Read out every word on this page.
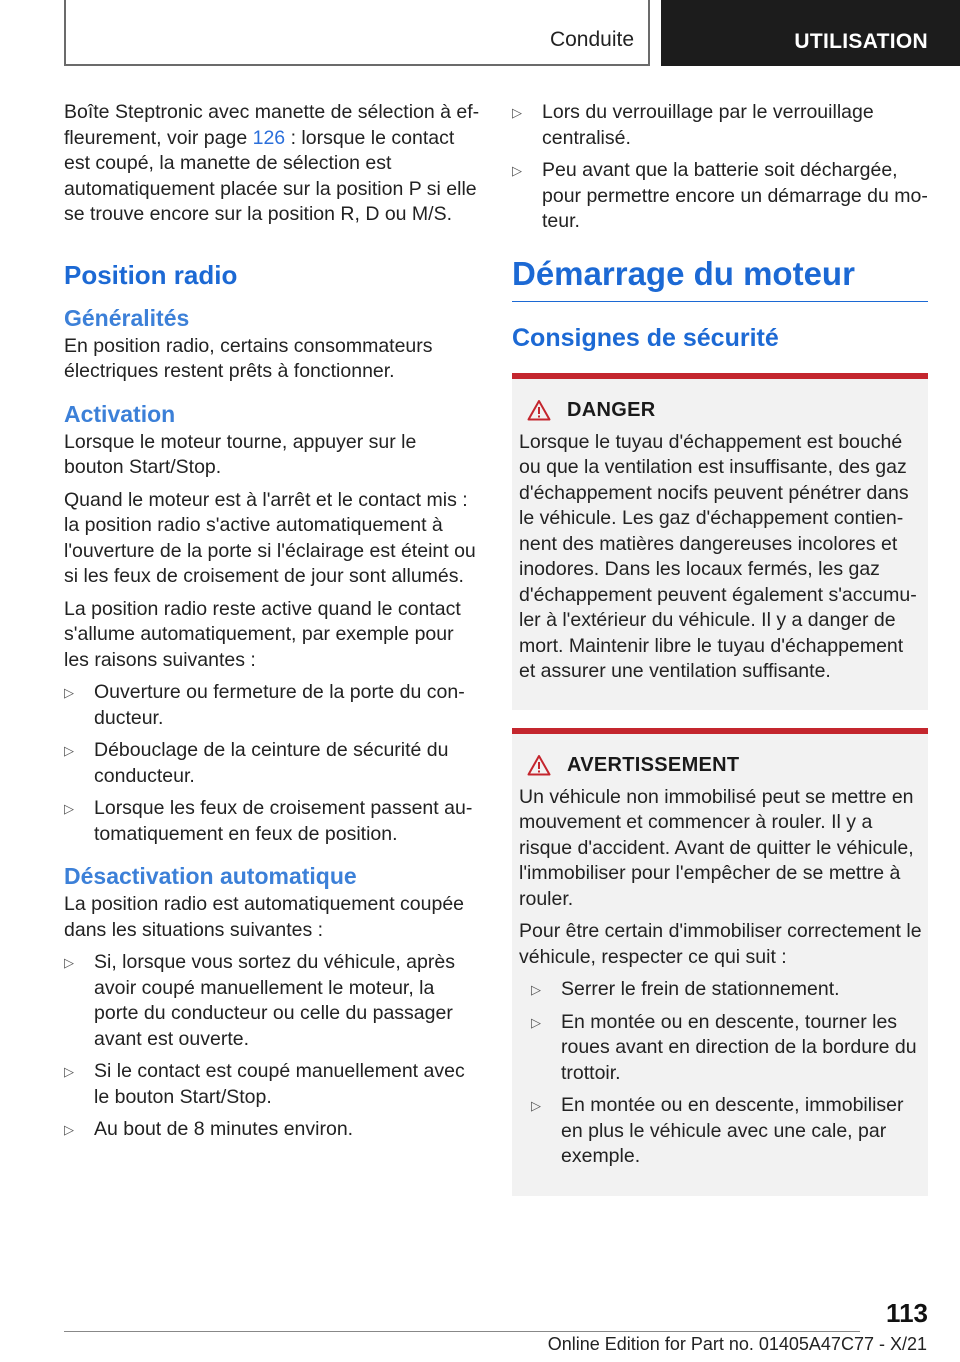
Conduite	UTILISATION

Boîte Steptronic avec manette de sélection à effleurement, voir page 126 : lorsque le contact est coupé, la manette de sélection est automatiquement placée sur la position P si elle se trouve encore sur la position R, D ou M/S.

Position radio
Généralités

En position radio, certains consommateurs électriques restent prêts à fonctionner.

Activation

Lorsque le moteur tourne, appuyer sur le bouton Start/Stop.

Quand le moteur est à l'arrêt et le contact mis : la position radio s'active automatiquement à l'ouverture de la porte si l'éclairage est éteint ou si les feux de croisement de jour sont allumés.

La position radio reste active quand le contact s'allume automatiquement, par exemple pour les raisons suivantes :

▷ Ouverture ou fermeture de la porte du conducteur.
▷ Débouclage de la ceinture de sécurité du conducteur.
▷ Lorsque les feux de croisement passent automatiquement en feux de position.
Désactivation automatique

La position radio est automatiquement coupée dans les situations suivantes :

▷ Si, lorsque vous sortez du véhicule, après avoir coupé manuellement le moteur, la porte du conducteur ou celle du passager avant est ouverte.
▷ Si le contact est coupé manuellement avec le bouton Start/Stop.
▷ Au bout de 8 minutes environ.
▷ Lors du verrouillage par le verrouillage centralisé.
▷ Peu avant que la batterie soit déchargée, pour permettre encore un démarrage du moteur.
Démarrage du moteur
Consignes de sécurité
DANGER

Lorsque le tuyau d'échappement est bouché ou que la ventilation est insuffisante, des gaz d'échappement nocifs peuvent pénétrer dans le véhicule. Les gaz d'échappement contiennent des matières dangereuses incolores et inodores. Dans les locaux fermés, les gaz d'échappement peuvent également s'accumuler à l'extérieur du véhicule. Il y a danger de mort. Maintenir libre le tuyau d'échappement et assurer une ventilation suffisante.

AVERTISSEMENT

Un véhicule non immobilisé peut se mettre en mouvement et commencer à rouler. Il y a risque d'accident. Avant de quitter le véhicule, l'immobiliser pour l'empêcher de se mettre à rouler.

Pour être certain d'immobiliser correctement le véhicule, respecter ce qui suit :

▷ Serrer le frein de stationnement.
▷ En montée ou en descente, tourner les roues avant en direction de la bordure du trottoir.
▷ En montée ou en descente, immobiliser en plus le véhicule avec une cale, par exemple.
113
Online Edition for Part no. 01405A47C77 - X/21
